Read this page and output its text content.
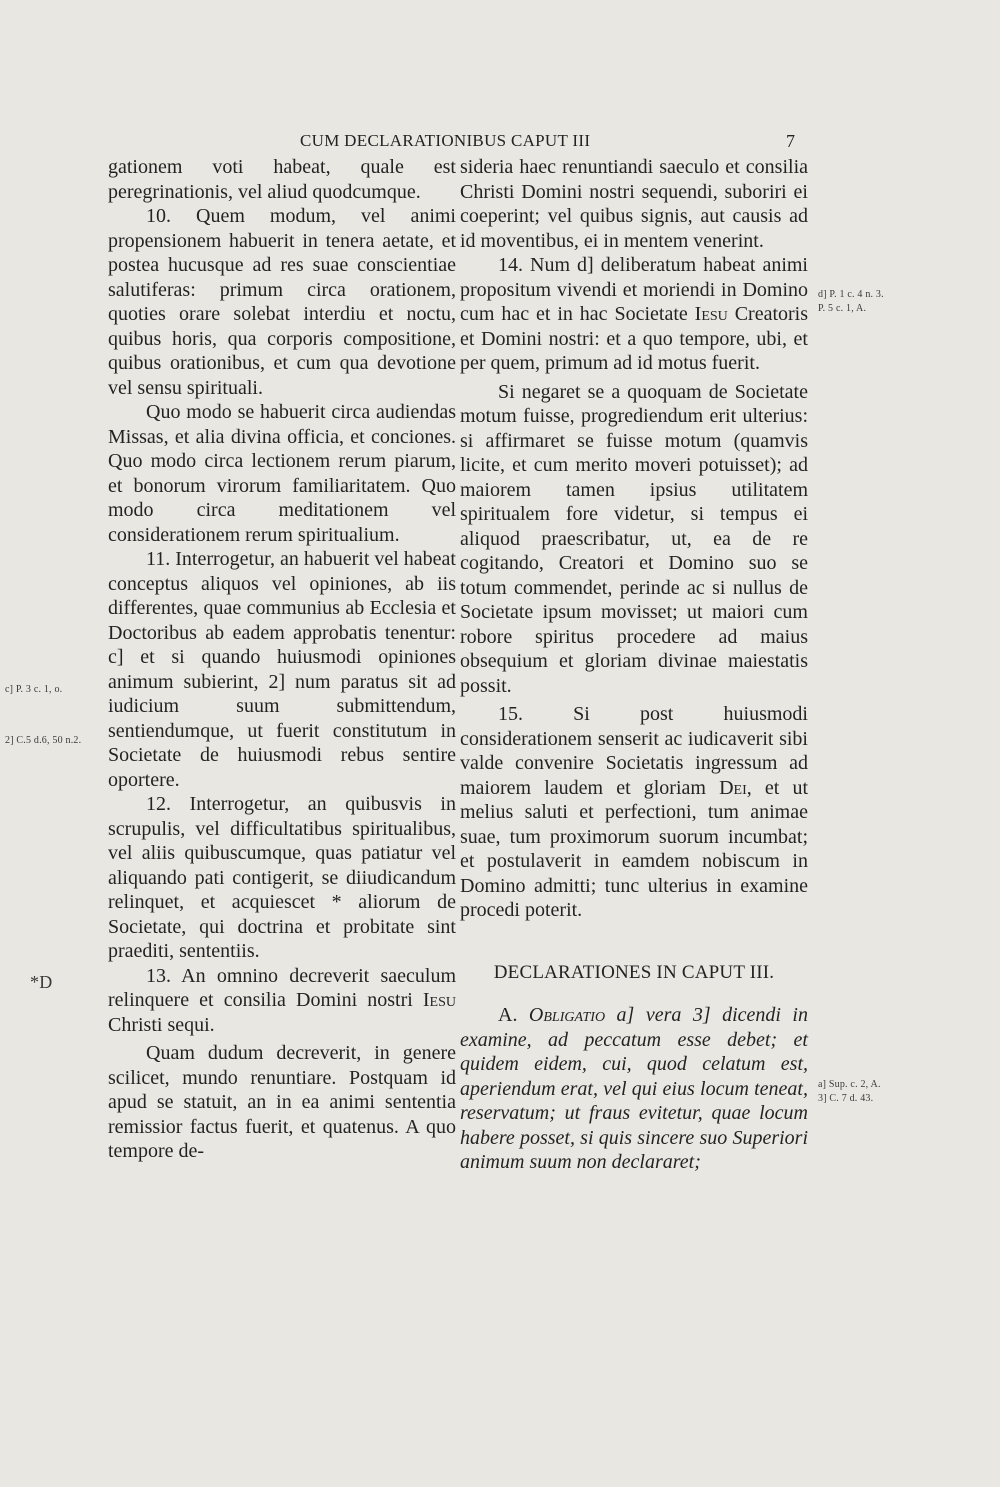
CUM DECLARATIONIBUS CAPUT III	7
c] P. 3 c. 1, o.
2] C.5 d.6, 50 n.2.
*D
d] P. 1 c. 4 n. 3.
P. 5 c. 1, A.
a] Sup. c. 2, A.
3] C. 7 d. 43.

gationem voti habeat, quale est peregrinationis, vel aliud quodcumque.

10. Quem modum, vel animi propensionem habuerit in tenera aetate, et postea hucusque ad res suae conscientiae salutiferas: primum circa orationem, quoties orare solebat interdiu et noctu, quibus horis, qua corporis compositione, quibus orationibus, et cum qua devotione vel sensu spirituali.

Quo modo se habuerit circa audiendas Missas, et alia divina officia, et conciones. Quo modo circa lectionem rerum piarum, et bonorum virorum familiaritatem. Quo modo circa meditationem vel considerationem rerum spiritualium.

11. Interrogetur, an habuerit vel habeat conceptus aliquos vel opiniones, ab iis differentes, quae communius ab Ecclesia et Doctoribus ab eadem approbatis tenentur: c] et si quando huiusmodi opiniones animum subierint, 2] num paratus sit ad iudicium suum submittendum, sentiendumque, ut fuerit constitutum in Societate de huiusmodi rebus sentire oportere.

12. Interrogetur, an quibusvis in scrupulis, vel difficultatibus spiritualibus, vel aliis quibuscumque, quas patiatur vel aliquando pati contigerit, se diiudicandum relinquet, et acquiescet * aliorum de Societate, qui doctrina et probitate sint praediti, sententiis.

13. An omnino decreverit saeculum relinquere et consilia Domini nostri Iesu Christi sequi.

Quam dudum decreverit, in genere scilicet, mundo renuntiare. Postquam id apud se statuit, an in ea animi sententia remissior factus fuerit, et quatenus. A quo tempore de-

sideria haec renuntiandi saeculo et consilia Christi Domini nostri sequendi, suboriri ei coeperint; vel quibus signis, aut causis ad id moventibus, ei in mentem venerint.

14. Num d] deliberatum habeat animi propositum vivendi et moriendi in Domino cum hac et in hac Societate Iesu Creatoris et Domini nostri: et a quo tempore, ubi, et per quem, primum ad id motus fuerit.

Si negaret se a quoquam de Societate motum fuisse, progrediendum erit ulterius: si affirmaret se fuisse motum (quamvis licite, et cum merito moveri potuisset); ad maiorem tamen ipsius utilitatem spiritualem fore videtur, si tempus ei aliquod praescribatur, ut, ea de re cogitando, Creatori et Domino suo se totum commendet, perinde ac si nullus de Societate ipsum movisset; ut maiori cum robore spiritus procedere ad maius obsequium et gloriam divinae maiestatis possit.

15. Si post huiusmodi considerationem senserit ac iudicaverit sibi valde convenire Societatis ingressum ad maiorem laudem et gloriam Dei, et ut melius saluti et perfectioni, tum animae suae, tum proximorum suorum incumbat; et postulaverit in eamdem nobiscum in Domino admitti; tunc ulterius in examine procedi poterit.

DECLARATIONES IN CAPUT III.

A. Obligatio a] vera 3] dicendi in examine, ad peccatum esse debet; et quidem eidem, cui, quod celatum est, aperiendum erat, vel qui eius locum teneat, reservatum; ut fraus evitetur, quae locum habere posset, si quis sincere suo Superiori animum suum non declararet;
